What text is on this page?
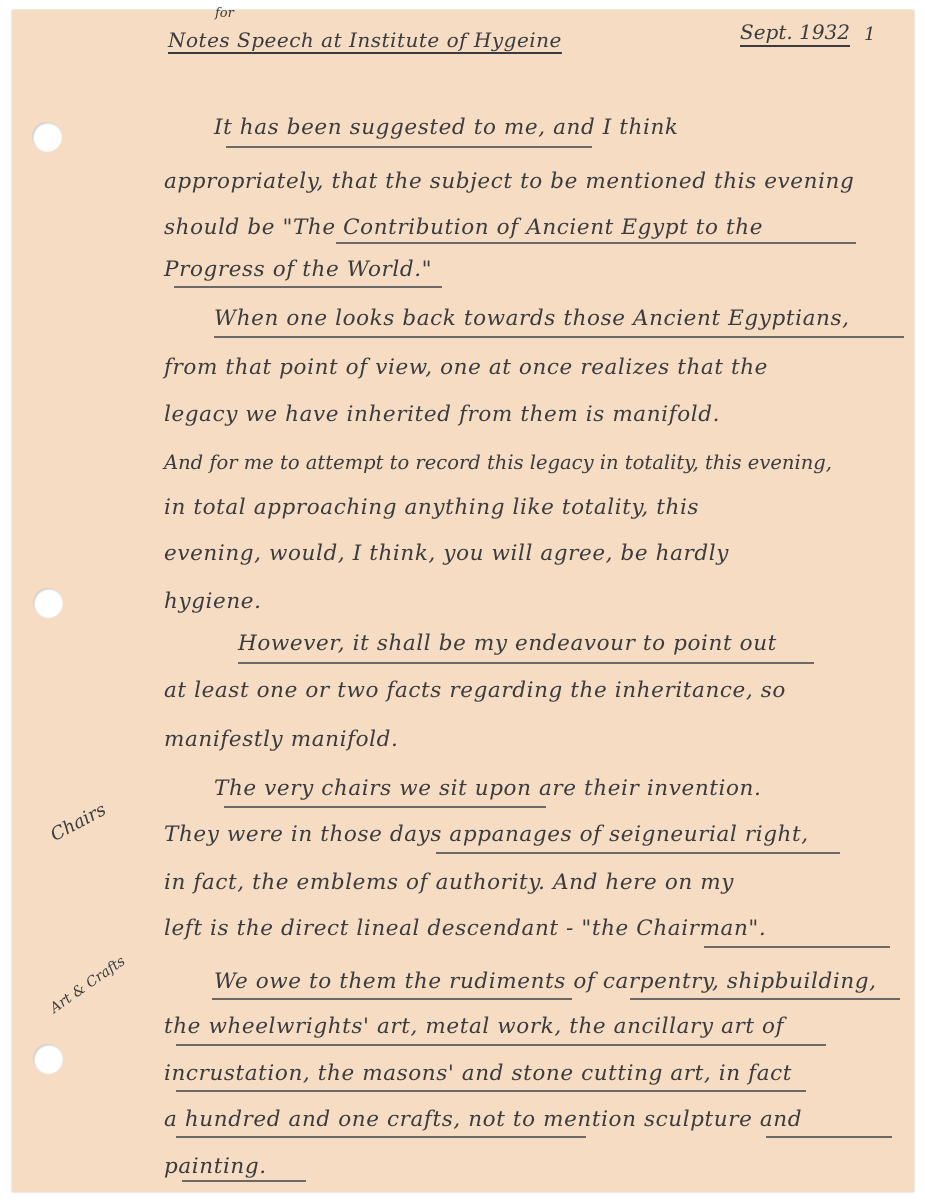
for
Notes Speech at Institute of Hygeine	Sept. 1932 1
It has been suggested to me, and I think
appropriately, that the subject to be mentioned this evening
should be "The Contribution of Ancient Egypt to the
Progress of the World."
When one looks back towards those Ancient Egyptians,
from that point of view, one at once realizes that the
legacy we have inherited from them is manifold.
And for me to attempt to record this legacy in totality, this evening,
in total approaching anything like totality, this
evening, would, I think, you will agree, be hardly
hygiene.
However, it shall be my endeavour to point out
at least one or two facts regarding the inheritance, so
manifestly manifold.
The very chairs we sit upon are their invention.
They were in those days appanages of seigneurial right,
in fact, the emblems of authority. And here on my
left is the direct lineal descendant - "the Chairman".
We owe to them the rudiments of carpentry, shipbuilding,
the wheelwrights' art, metal work, the ancillary art of
incrustation, the masons' and stone cutting art, in fact
a hundred and one crafts, not to mention sculpture and
painting.
Chairs
Art & Crafts
